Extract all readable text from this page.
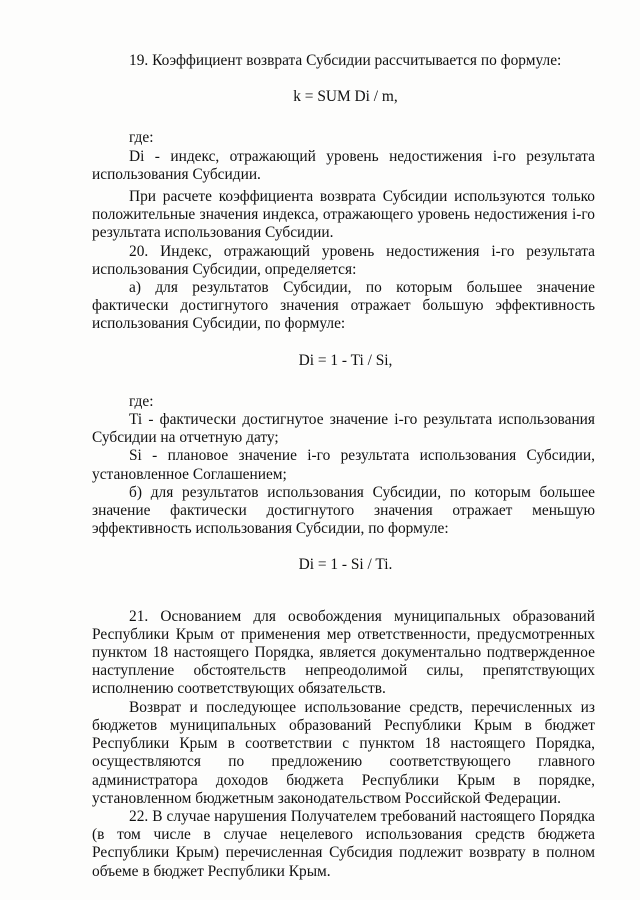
19. Коэффициент возврата Субсидии рассчитывается по формуле:

k = SUM Di / m,

где:

Di - индекс, отражающий уровень недостижения i-го результата использования Субсидии.

При расчете коэффициента возврата Субсидии используются только положительные значения индекса, отражающего уровень недостижения i-го результата использования Субсидии.

20. Индекс, отражающий уровень недостижения i-го результата использования Субсидии, определяется:

а) для результатов Субсидии, по которым большее значение фактически достигнутого значения отражает большую эффективность использования Субсидии, по формуле:

Di = 1 - Ti / Si,

где:

Ti - фактически достигнутое значение i-го результата использования Субсидии на отчетную дату;

Si - плановое значение i-го результата использования Субсидии, установленное Соглашением;

б) для результатов использования Субсидии, по которым большее значение фактически достигнутого значения отражает меньшую эффективность использования Субсидии, по формуле:

Di = 1 - Si / Ti.

21. Основанием для освобождения муниципальных образований Республики Крым от применения мер ответственности, предусмотренных пунктом 18 настоящего Порядка, является документально подтвержденное наступление обстоятельств непреодолимой силы, препятствующих исполнению соответствующих обязательств.

Возврат и последующее использование средств, перечисленных из бюджетов муниципальных образований Республики Крым в бюджет Республики Крым в соответствии с пунктом 18 настоящего Порядка, осуществляются по предложению соответствующего главного администратора доходов бюджета Республики Крым в порядке, установленном бюджетным законодательством Российской Федерации.

22. В случае нарушения Получателем требований настоящего Порядка (в том числе в случае нецелевого использования средств бюджета Республики Крым) перечисленная Субсидия подлежит возврату в полном объеме в бюджет Республики Крым.
